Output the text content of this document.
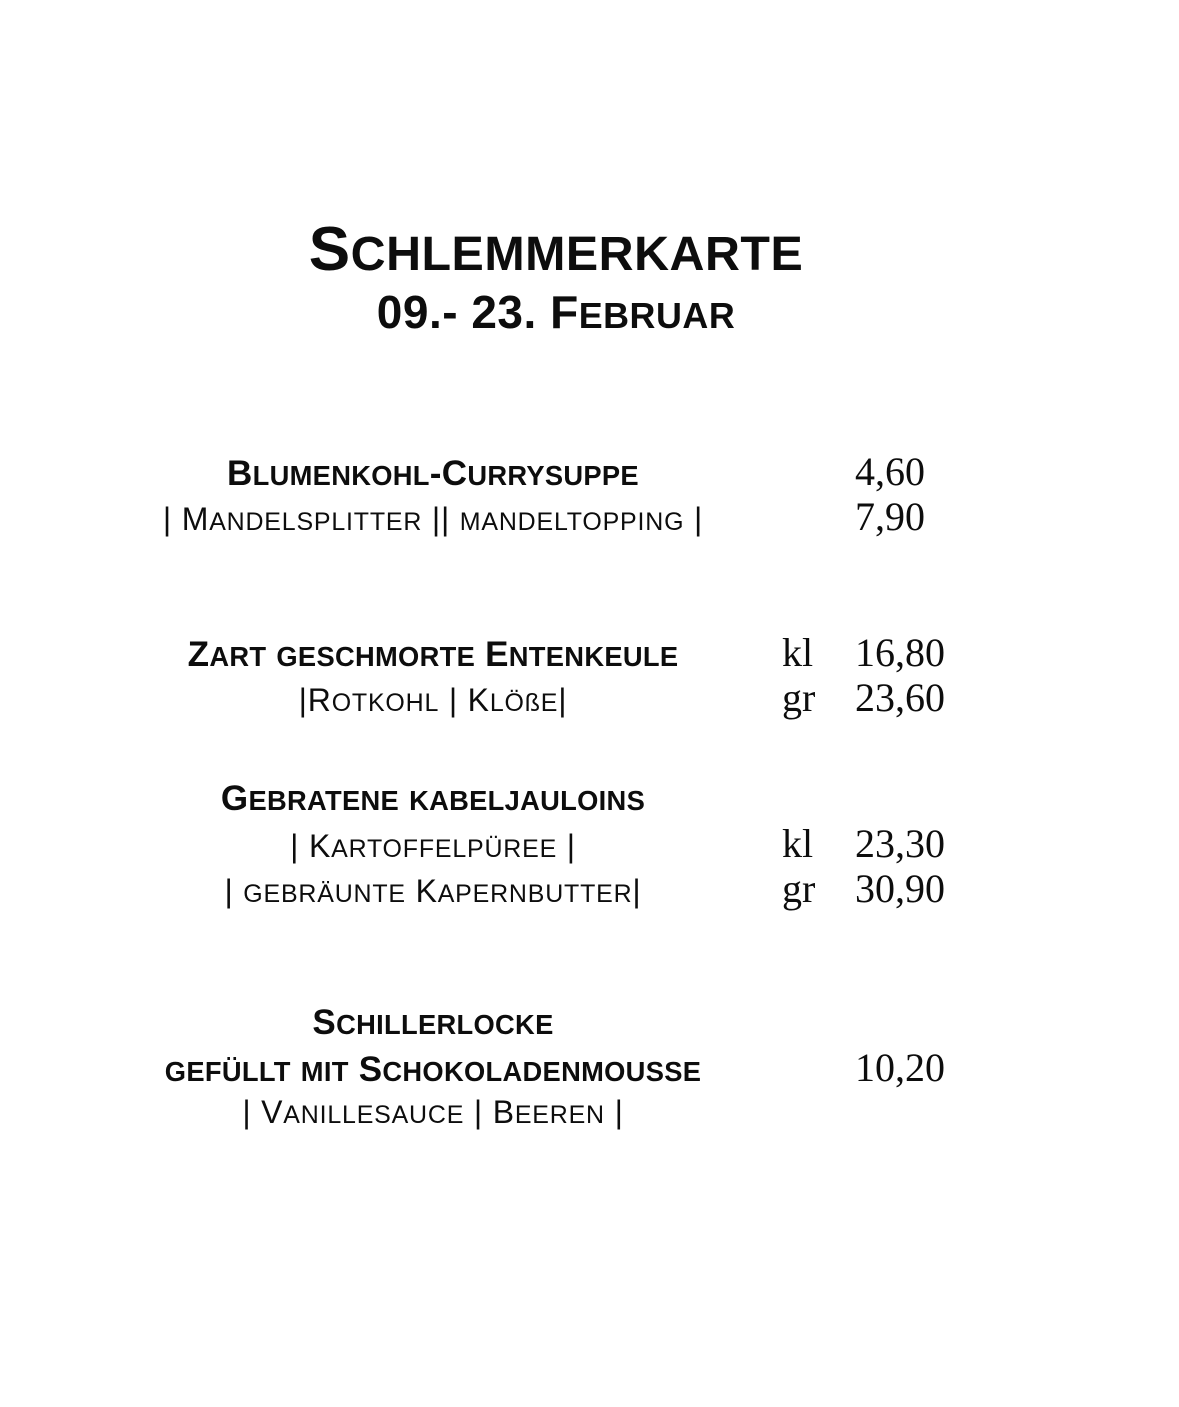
SCHLEMMERKARTE
09.- 23. FEBRUAR
BLUMENKOHL-CURRYSUPPE	4,60
| MANDELSPLITTER || MANDELTOPPING |	7,90
ZART GESCHMORTE ENTENKEULE	kl	16,80
|ROTKOHL | KLÖßE|	gr 23,60
GEBRATENE KABELJAULOINS
| KARTOFFELPÜREE |	kl	23,30
| GEBRÄUNTE KAPERNBUTTER|	gr 30,90
SCHILLERLOCKE
GEFÜLLT MIT SCHOKOLADENMOUSSE	10,20
| VANILLESAUCE | BEEREN |
